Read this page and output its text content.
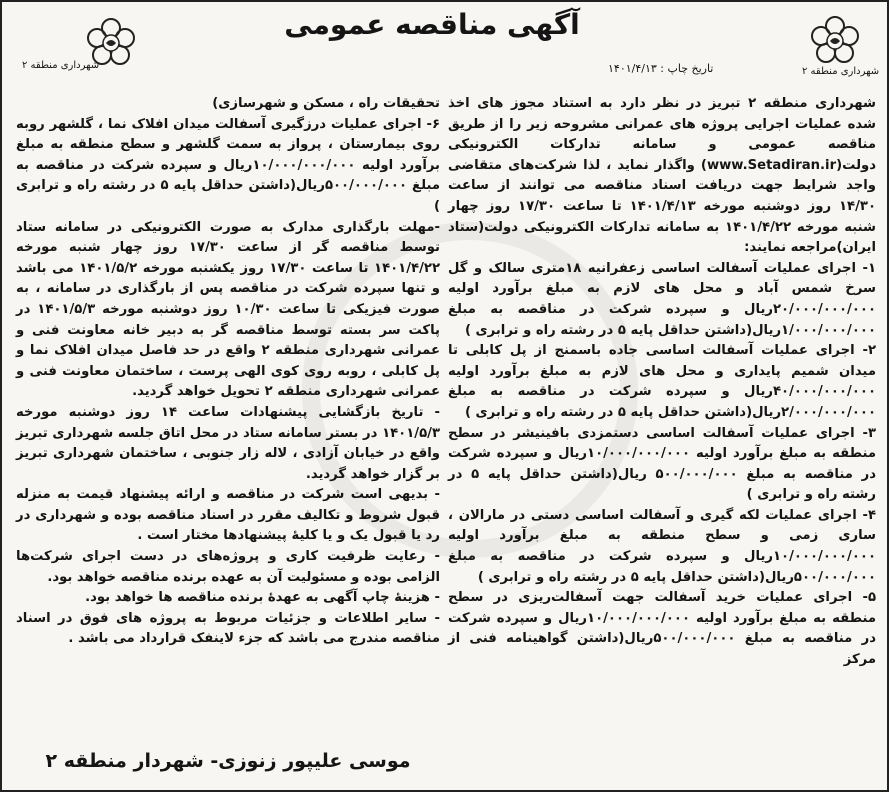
شهرداری منطقه ۲
آگهی مناقصه عمومی
تاریخ چاپ : ۱۴۰۱/۴/۱۳	شهرداری منطقه ۲

شهرداری منطقه ۲ تبریز در نظر دارد به استناد مجوز های اخذ شده عملیات اجرایی پروژه های عمرانی مشروحه زیر را از طریق مناقصه عمومی و سامانه تدارکات الکترونیکی دولت(www.Setadiran.ir) واگذار نماید ، لذا شرکت‌های متقاضی واجد شرایط جهت دریافت اسناد مناقصه می توانند از ساعت ۱۴/۳۰ روز دوشنبه مورخه ۱۴۰۱/۴/۱۳ تا ساعت ۱۷/۳۰ روز چهار شنبه مورخه ۱۴۰۱/۴/۲۲ به سامانه تدارکات الکترونیکی دولت(ستاد ایران)مراجعه نمایند:

۱- اجرای عملیات آسفالت اساسی زعفرانیه ۱۸متری سالک و گل سرخ شمس آباد و محل های لازم به مبلغ برآورد اولیه ۲۰/۰۰۰/۰۰۰/۰۰۰ریال و سپرده شرکت در مناقصه به مبلغ ۱/۰۰۰/۰۰۰/۰۰۰ریال(داشتن حداقل پایه ۵ در رشته راه و ترابری )

۲- اجرای عملیات آسفالت اساسی جاده باسمنج از پل کابلی تا میدان شمیم پایداری و محل های لازم به مبلغ برآورد اولیه ۴۰/۰۰۰/۰۰۰/۰۰۰ریال و سپرده شرکت در مناقصه به مبلغ ۲/۰۰۰/۰۰۰/۰۰۰ریال(داشتن حداقل پایه ۵ در رشته راه و ترابری )

۳- اجرای عملیات آسفالت اساسی دستمزدی بافینیشر در سطح منطقه به مبلغ برآورد اولیه ۱۰/۰۰۰/۰۰۰/۰۰۰ریال و سپرده شرکت در مناقصه به مبلغ ۵۰۰/۰۰۰/۰۰۰ ریال(داشتن حداقل پایه ۵ در رشته راه و ترابری )

۴- اجرای عملیات لکه گیری و آسفالت اساسی دستی در مارالان ، ساری زمی و سطح منطقه به مبلغ برآورد اولیه ۱۰/۰۰۰/۰۰۰/۰۰۰ریال و سپرده شرکت در مناقصه به مبلغ ۵۰۰/۰۰۰/۰۰۰ریال(داشتن حداقل پایه ۵ در رشته راه و ترابری )

۵- اجرای عملیات خرید آسفالت جهت آسفالت‌ریزی در سطح منطقه به مبلغ برآورد اولیه ۱۰/۰۰۰/۰۰۰/۰۰۰ریال و سپرده شرکت در مناقصه به مبلغ ۵۰۰/۰۰۰/۰۰۰ریال(داشتن گواهینامه فنی از مرکز

تحقیقات راه ، مسکن و شهرسازی)

۶- اجرای عملیات درزگیری آسفالت میدان افلاک نما ، گلشهر روبه روی بیمارستان ، پرواز به سمت گلشهر و سطح منطقه به مبلغ برآورد اولیه ۱۰/۰۰۰/۰۰۰/۰۰۰ریال و سپرده شرکت در مناقصه به مبلغ ۵۰۰/۰۰۰/۰۰۰ریال(داشتن حداقل پایه ۵ در رشته راه و ترابری )

-مهلت بارگذاری مدارک به صورت الکترونیکی در سامانه ستاد توسط مناقصه گر از ساعت ۱۷/۳۰ روز چهار شنبه مورخه ۱۴۰۱/۴/۲۲ تا ساعت ۱۷/۳۰ روز یکشنبه مورخه ۱۴۰۱/۵/۲ می باشد و تنها سپرده شرکت در مناقصه پس از بارگذاری در سامانه ، به صورت فیزیکی تا ساعت ۱۰/۳۰ روز دوشنبه مورخه ۱۴۰۱/۵/۳ در پاکت سر بسته توسط مناقصه گر به دبیر خانه معاونت فنی و عمرانی شهرداری منطقه ۲ واقع در حد فاصل میدان افلاک نما و پل کابلی ، روبه روی کوی الهی پرست ، ساختمان معاونت فنی و عمرانی شهرداری منطقه ۲ تحویل خواهد گردید.

- تاریخ بازگشایی پیشنهادات ساعت ۱۴ روز دوشنبه مورخه ۱۴۰۱/۵/۳ در بستر سامانه ستاد در محل اتاق جلسه شهرداری تبریز واقع در خیابان آزادی ، لاله زار جنوبی ، ساختمان شهرداری تبریز بر گزار خواهد گردید.

- بدیهی است شرکت در مناقصه و ارائه پیشنهاد قیمت به منزله قبول شروط و تکالیف مقرر در اسناد مناقصه بوده و شهرداری در رد یا قبول یک و یا کلیهٔ پیشنهادها مختار است .

- رعایت ظرفیت کاری و پروژه‌های در دست اجرای شرکت‌ها الزامی بوده و مسئولیت آن به عهده برنده مناقصه خواهد بود.

- هزینهٔ چاپ آگهی به عهدهٔ برنده مناقصه ها خواهد بود.

- سایر اطلاعات و جزئیات مربوط به پروژه های فوق در اسناد مناقصه مندرج می باشد که جزء لاینفک قرارداد می باشد .

موسی علیپور زنوزی- شهردار منطقه ۲
